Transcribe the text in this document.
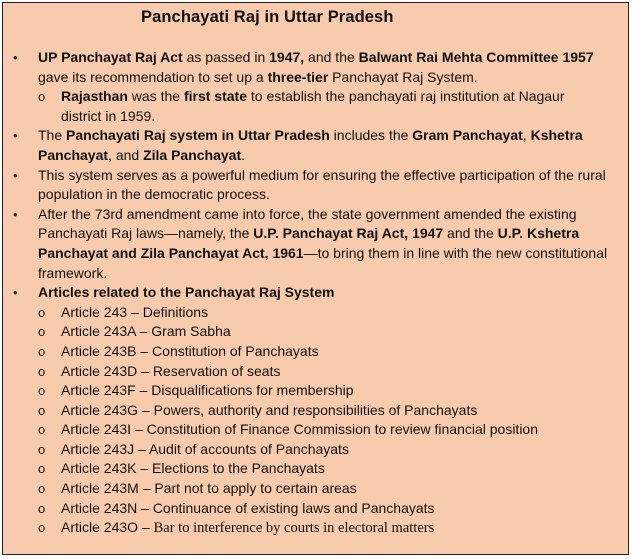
Panchayati Raj in Uttar Pradesh
• UP Panchayat Raj Act as passed in 1947, and the Balwant Rai Mehta Committee 1957 gave its recommendation to set up a three-tier Panchayat Raj System.
o Rajasthan was the first state to establish the panchayati raj institution at Nagaur district in 1959.
• The Panchayati Raj system in Uttar Pradesh includes the Gram Panchayat, Kshetra Panchayat, and Zila Panchayat.
• This system serves as a powerful medium for ensuring the effective participation of the rural population in the democratic process.
• After the 73rd amendment came into force, the state government amended the existing Panchayati Raj laws—namely, the U.P. Panchayat Raj Act, 1947 and the U.P. Kshetra Panchayat and Zila Panchayat Act, 1961—to bring them in line with the new constitutional framework.
• Articles related to the Panchayat Raj System
o Article 243 – Definitions
o Article 243A – Gram Sabha
o Article 243B – Constitution of Panchayats
o Article 243D – Reservation of seats
o Article 243F – Disqualifications for membership
o Article 243G – Powers, authority and responsibilities of Panchayats
o Article 243I – Constitution of Finance Commission to review financial position
o Article 243J – Audit of accounts of Panchayats
o Article 243K – Elections to the Panchayats
o Article 243M – Part not to apply to certain areas
o Article 243N – Continuance of existing laws and Panchayats
o Article 243O – Bar to interference by courts in electoral matters
